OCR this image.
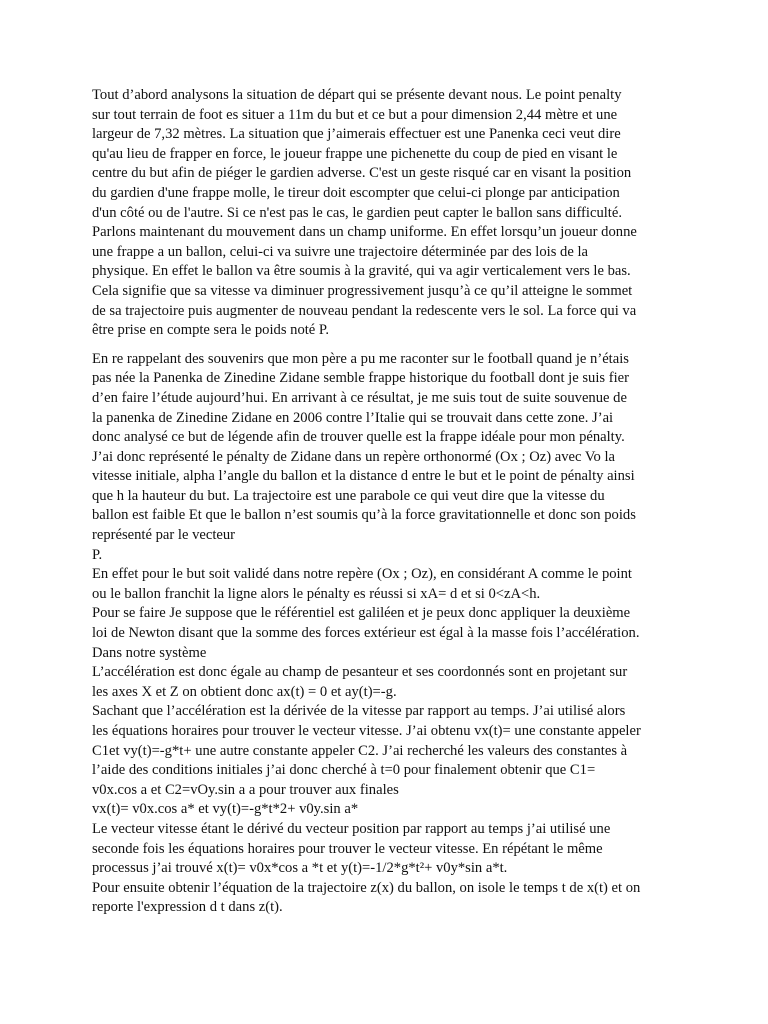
Tout d’abord analysons la situation de départ qui se présente devant nous. Le point penalty
sur tout terrain de foot es situer a 11m du but et ce but a pour dimension 2,44 mètre et une
largeur de 7,32 mètres. La situation que j’aimerais effectuer est une Panenka ceci veut dire
qu'au lieu de frapper en force, le joueur frappe une pichenette du coup de pied en visant le
centre du but afin de piéger le gardien adverse. C'est un geste risqué car en visant la position
du gardien d'une frappe molle, le tireur doit escompter que celui-ci plonge par anticipation
d'un côté ou de l'autre. Si ce n'est pas le cas, le gardien peut capter le ballon sans difficulté.
Parlons maintenant du mouvement dans un champ uniforme. En effet lorsqu’un joueur donne
une frappe a un ballon, celui-ci va suivre une trajectoire déterminée par des lois de la
physique. En effet le ballon va être soumis à la gravité, qui va agir verticalement vers le bas.
Cela signifie que sa vitesse va diminuer progressivement jusqu’à ce qu’il atteigne le sommet
de sa trajectoire puis augmenter de nouveau pendant la redescente vers le sol. La force qui va
être prise en compte sera le poids noté P.

En re rappelant des souvenirs que mon père a pu me raconter sur le football quand je n’étais
pas née la Panenka de Zinedine Zidane semble frappe historique du football dont je suis fier
d’en faire l’étude aujourd’hui. En arrivant à ce résultat, je me suis tout de suite souvenue de
la panenka de Zinedine Zidane en 2006 contre l’Italie qui se trouvait dans cette zone. J’ai
donc analysé ce but de légende afin de trouver quelle est la frappe idéale pour mon pénalty.
J’ai donc représenté le pénalty de Zidane dans un repère orthonormé (Ox ; Oz) avec Vo la
vitesse initiale, alpha l’angle du ballon et la distance d entre le but et le point de pénalty ainsi
que h la hauteur du but. La trajectoire est une parabole ce qui veut dire que la vitesse du
ballon est faible Et que le ballon n’est soumis qu’à la force gravitationnelle et donc son poids
représenté par le vecteur
P.
En effet pour le but soit validé dans notre repère (Ox ; Oz), en considérant A comme le point
ou le ballon franchit la ligne alors le pénalty es réussi si xA= d et si 0<zA<h.
Pour se faire Je suppose que le référentiel est galiléen et je peux donc appliquer la deuxième
loi de Newton disant que la somme des forces extérieur est égal à la masse fois l’accélération.
Dans notre système
L’accélération est donc égale au champ de pesanteur et ses coordonnés sont en projetant sur
les axes X et Z on obtient donc ax(t) = 0 et ay(t)=-g.
Sachant que l’accélération est la dérivée de la vitesse par rapport au temps. J’ai utilisé alors
les équations horaires pour trouver le vecteur vitesse. J’ai obtenu vx(t)= une constante appeler
C1et vy(t)=-g*t+ une autre constante appeler C2. J’ai recherché les valeurs des constantes à
l’aide des conditions initiales j’ai donc cherché à t=0 pour finalement obtenir que C1=
v0x.cos a et C2=vOy.sin a a pour trouver aux finales
vx(t)= v0x.cos a* et vy(t)=-g*t*2+ v0y.sin a*
Le vecteur vitesse étant le dérivé du vecteur position par rapport au temps j’ai utilisé une
seconde fois les équations horaires pour trouver le vecteur vitesse. En répétant le même
processus j’ai trouvé x(t)= v0x*cos a *t et y(t)=-1/2*g*t²+ v0y*sin a*t.
Pour ensuite obtenir l’équation de la trajectoire z(x) du ballon, on isole le temps t de x(t) et on
reporte l'expression d t dans z(t).
